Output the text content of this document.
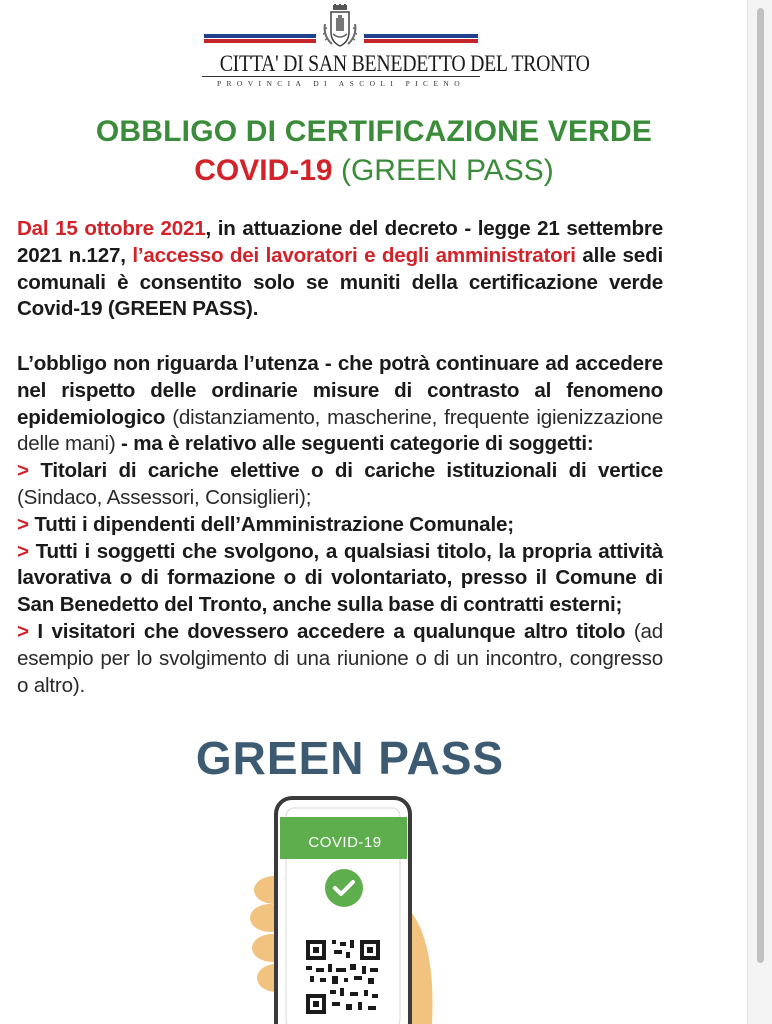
CITTA' DI SAN BENEDETTO DEL TRONTO
PROVINCIA DI ASCOLI PICENO
OBBLIGO DI CERTIFICAZIONE VERDE
COVID-19 (GREEN PASS)
Dal 15 ottobre 2021, in attuazione del decreto - legge 21 settembre 2021 n.127, l’accesso dei lavoratori e degli amministratori alle sedi comunali è consentito solo se muniti della certificazione verde Covid-19 (GREEN PASS).
L’obbligo non riguarda l’utenza - che potrà continuare ad accedere nel rispetto delle ordinarie misure di contrasto al fenomeno epidemiologico (distanziamento, mascherine, frequente igienizzazione delle mani) - ma è relativo alle seguenti categorie di soggetti:
> Titolari di cariche elettive o di cariche istituzionali di vertice (Sindaco, Assessori, Consiglieri);
> Tutti i dipendenti dell’Amministrazione Comunale;
> Tutti i soggetti che svolgono, a qualsiasi titolo, la propria attività lavorativa o di formazione o di volontariato, presso il Comune di San Benedetto del Tronto, anche sulla base di contratti esterni;
> I visitatori che dovessero accedere a qualunque altro titolo (ad esempio per lo svolgimento di una riunione o di un incontro, congresso o altro).
GREEN PASS
COVID-19
